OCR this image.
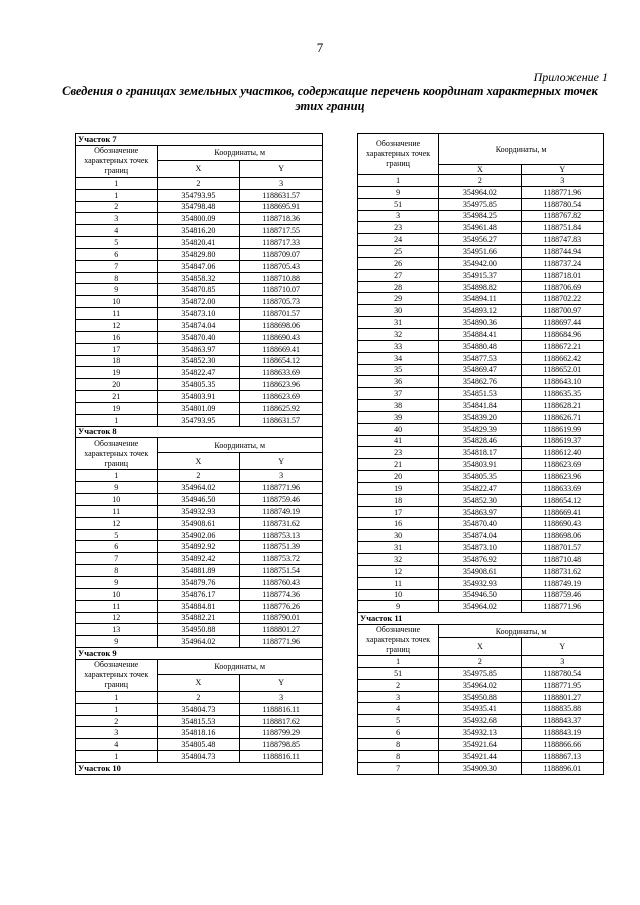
7
Приложение 1
Сведения о границах земельных участков, содержащие перечень координат характерных точек этих границ
Участок 7		
Обозначение характерных точек границ	Координаты, м	
	X	Y
1	2	3
1	354793.95	1188631.57
2	354798.48	1188695.91
3	354800.09	1188718.36
4	354816.20	1188717.55
5	354820.41	1188717.33
6	354829.80	1188709.07
7	354847.06	1188705.43
8	354858.32	1188710.88
9	354870.85	1188710.07
10	354872.00	1188705.73
11	354873.10	1188701.57
12	354874.04	1188698.06
16	354870.40	1188690.43
17	354863.97	1188669.41
18	354852.30	1188654.12
19	354822.47	1188633.69
20	354805.35	1188623.96
21	354803.91	1188623.69
19	354801.09	1188625.92
1	354793.95	1188631.57
Участок 8		
Обозначение характерных точек границ	Координаты, м	
	X	Y
1	2	3
9	354964.02	1188771.96
10	354946.50	1188759.46
11	354932.93	1188749.19
12	354908.61	1188731.62
5	354902.06	1188753.13
6	354892.92	1188751.39
7	354892.42	1188753.72
8	354881.89	1188751.54
9	354879.76	1188760.43
10	354876.17	1188774.36
11	354884.81	1188776.26
12	354882.21	1188790.01
13	354950.88	1188801.27
9	354964.02	1188771.96
Участок 9		
Обозначение характерных точек границ	Координаты, м	
	X	Y
1	2	3
1	354804.73	1188816.11
2	354815.53	1188817.62
3	354818.16	1188799.29
4	354805.48	1188798.85
1	354804.73	1188816.11
Участок 10		
Обозначение характерных точек границ	Координаты, м	
	X	Y
1	2	3
9	354964.02	1188771.96
51	354975.85	1188780.54
3	354984.25	1188767.82
23	354961.48	1188751.84
24	354956.27	1188747.83
25	354951.66	1188744.94
26	354942.00	1188737.24
27	354915.37	1188718.01
28	354898.82	1188706.69
29	354894.11	1188702.22
30	354893.12	1188700.97
31	354890.36	1188697.44
32	354884.41	1188684.96
33	354880.48	1188672.21
34	354877.53	1188662.42
35	354869.47	1188652.01
36	354862.76	1188643.10
37	354851.53	1188635.35
38	354841.84	1188628.21
39	354839.20	1188626.71
40	354829.39	1188619.99
41	354828.46	1188619.37
23	354818.17	1188612.40
21	354803.91	1188623.69
20	354805.35	1188623.96
19	354822.47	1188633.69
18	354852.30	1188654.12
17	354863.97	1188669.41
16	354870.40	1188690.43
30	354874.04	1188698.06
31	354873.10	1188701.57
32	354876.92	1188710.48
12	354908.61	1188731.62
11	354932.93	1188749.19
10	354946.50	1188759.46
9	354964.02	1188771.96
Участок 11		
Обозначение характерных точек границ	Координаты, м	
	X	Y
1	2	3
51	354975.85	1188780.54
2	354964.02	1188771.95
3	354950.88	1188801.27
4	354935.41	1188835.88
5	354932.68	1188843.37
6	354932.13	1188843.19
8	354921.64	1188866.66
8	354921.44	1188867.13
7	354909.30	1188896.01
